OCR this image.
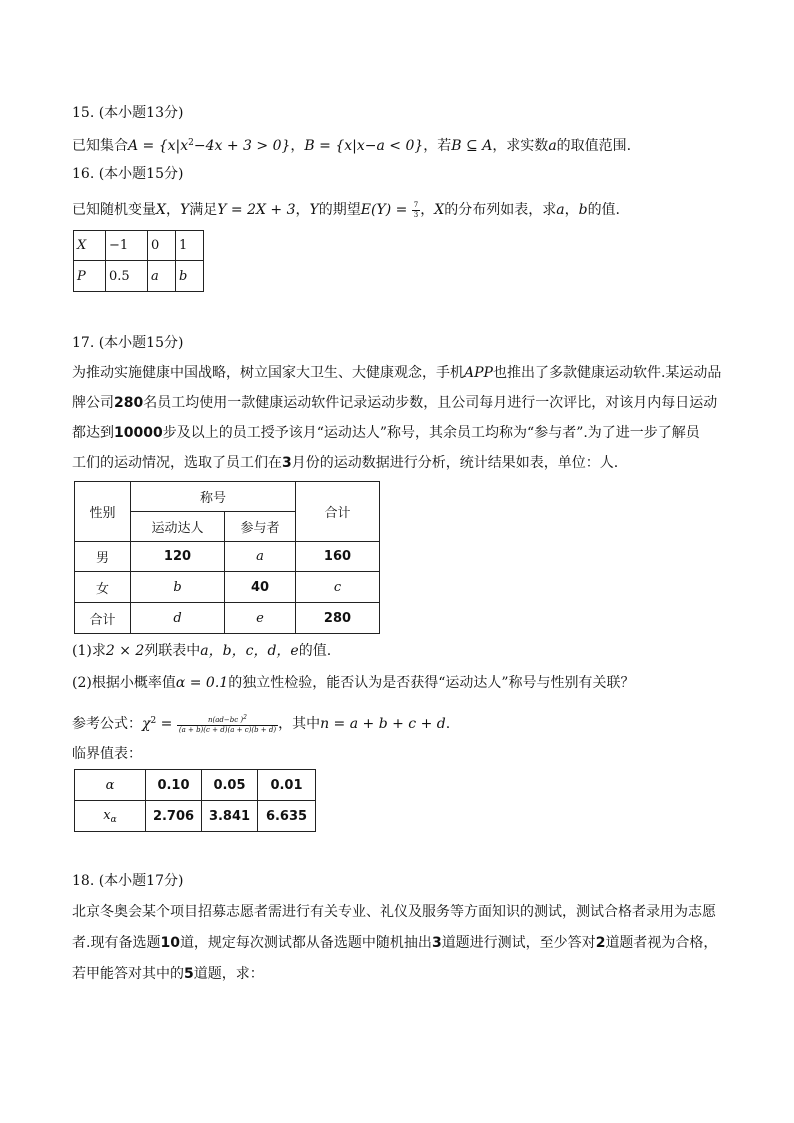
15. (本小题13分)
已知集合$A = \{x|x^2-4x + 3 > 0\}$，B = {x|x−a < 0}，若B ⊆ A，求实数a的取值范围.
16. (本小题15分)
已知随机变量X，Y满足Y = 2X + 3，Y的期望$E(Y) = \frac{7}{3}$ ，X的分布列如表，求a，b的值.
X	−1	0	1
P	0.5	a	b
17. (本小题15分)
为推动实施健康中国战略，树立国家大卫生、大健康观念，手机APP也推出了多款健康运动软件.某运动品
牌公司280名员工均使用一款健康运动软件记录运动步数，且公司每月进行一次评比，对该月内每日运动
都达到10000步及以上的员工授予该月“运动达人”称号，其余员工均称为“参与者”.为了进一步了解员
工们的运动情况，选取了员工们在3月份的运动数据进行分析，统计结果如表，单位：人.
性别	称号		合计
	运动达人	参与者	
男	120	a	160
女	b	40	c
合计	d	e	280
(1)求2 × 2列联表中a，b，c，d，e的值.
(2)根据小概率值α = 0.1的独立性检验，能否认为是否获得“运动达人”称号与性别有关联？
参考公式：$\chi^2 = \frac{n(ad-bc )^2}{(a + b)(c + d)(a + c)(b + d)}$ ，其中n = a + b + c + d.
临界值表：
α	0.10	0.05	0.01
$x_\alpha$	2.706	3.841	6.635
18. (本小题17分)
北京冬奥会某个项目招募志愿者需进行有关专业、礼仪及服务等方面知识的测试，测试合格者录用为志愿
者.现有备选题10道，规定每次测试都从备选题中随机抽出3道题进行测试，至少答对2道题者视为合格，
若甲能答对其中的5道题，求：
